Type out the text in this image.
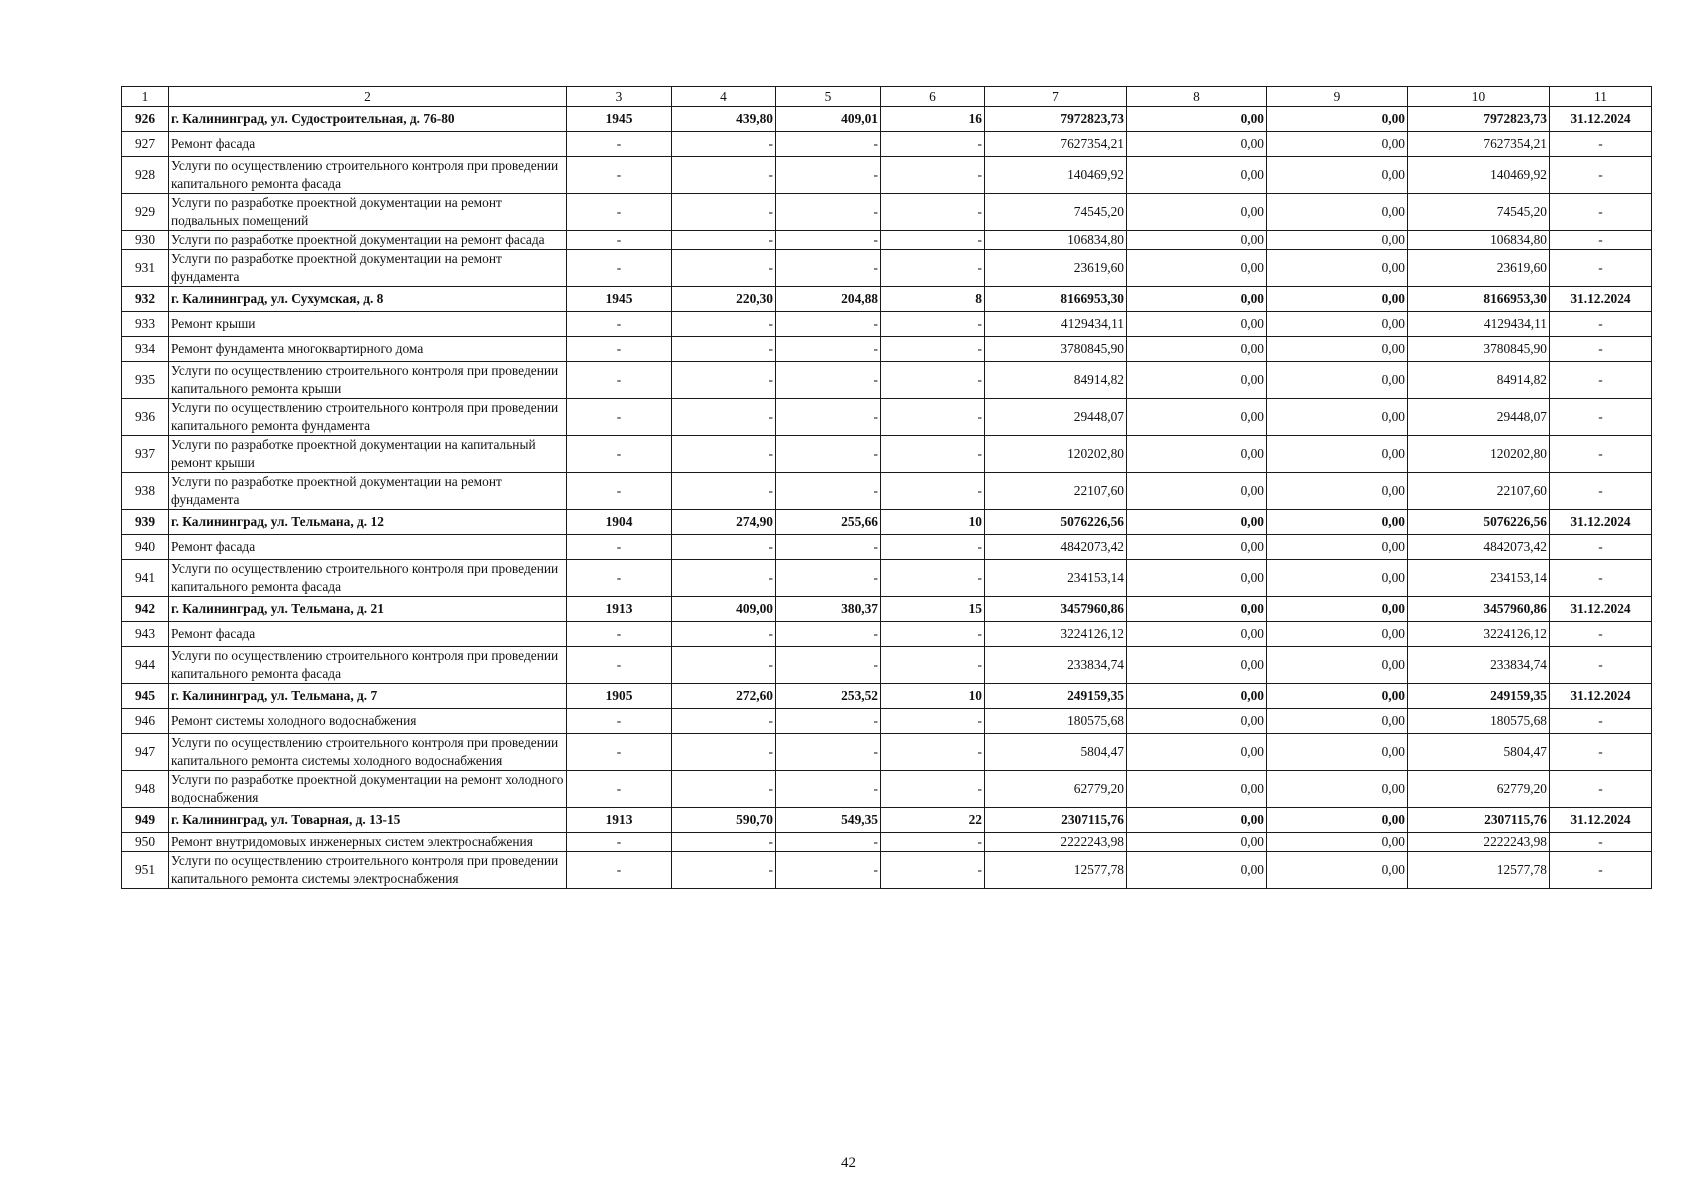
1	2	3	4	5	6	7	8	9	10	11
926	г. Калининград, ул. Судостроительная, д. 76-80	1945	439,80	409,01	16	7972823,73	0,00	0,00	7972823,73	31.12.2024
927	Ремонт фасада	-	-	-	-	7627354,21	0,00	0,00	7627354,21	-
928	Услуги по осуществлению строительного контроля при проведении капитального ремонта фасада	-	-	-	-	140469,92	0,00	0,00	140469,92	-
929	Услуги по разработке проектной документации на ремонт подвальных помещений	-	-	-	-	74545,20	0,00	0,00	74545,20	-
930	Услуги по разработке проектной документации на ремонт фасада	-	-	-	-	106834,80	0,00	0,00	106834,80	-
931	Услуги по разработке проектной документации на ремонт фундамента	-	-	-	-	23619,60	0,00	0,00	23619,60	-
932	г. Калининград, ул. Сухумская, д. 8	1945	220,30	204,88	8	8166953,30	0,00	0,00	8166953,30	31.12.2024
933	Ремонт крыши	-	-	-	-	4129434,11	0,00	0,00	4129434,11	-
934	Ремонт фундамента многоквартирного дома	-	-	-	-	3780845,90	0,00	0,00	3780845,90	-
935	Услуги по осуществлению строительного контроля при проведении капитального ремонта крыши	-	-	-	-	84914,82	0,00	0,00	84914,82	-
936	Услуги по осуществлению строительного контроля при проведении капитального ремонта фундамента	-	-	-	-	29448,07	0,00	0,00	29448,07	-
937	Услуги по разработке проектной документации на капитальный ремонт крыши	-	-	-	-	120202,80	0,00	0,00	120202,80	-
938	Услуги по разработке проектной документации на ремонт фундамента	-	-	-	-	22107,60	0,00	0,00	22107,60	-
939	г. Калининград, ул. Тельмана, д. 12	1904	274,90	255,66	10	5076226,56	0,00	0,00	5076226,56	31.12.2024
940	Ремонт фасада	-	-	-	-	4842073,42	0,00	0,00	4842073,42	-
941	Услуги по осуществлению строительного контроля при проведении капитального ремонта фасада	-	-	-	-	234153,14	0,00	0,00	234153,14	-
942	г. Калининград, ул. Тельмана, д. 21	1913	409,00	380,37	15	3457960,86	0,00	0,00	3457960,86	31.12.2024
943	Ремонт фасада	-	-	-	-	3224126,12	0,00	0,00	3224126,12	-
944	Услуги по осуществлению строительного контроля при проведении капитального ремонта фасада	-	-	-	-	233834,74	0,00	0,00	233834,74	-
945	г. Калининград, ул. Тельмана, д. 7	1905	272,60	253,52	10	249159,35	0,00	0,00	249159,35	31.12.2024
946	Ремонт системы холодного водоснабжения	-	-	-	-	180575,68	0,00	0,00	180575,68	-
947	Услуги по осуществлению строительного контроля при проведении капитального ремонта системы холодного водоснабжения	-	-	-	-	5804,47	0,00	0,00	5804,47	-
948	Услуги по разработке проектной документации на ремонт холодного водоснабжения	-	-	-	-	62779,20	0,00	0,00	62779,20	-
949	г. Калининград, ул. Товарная, д. 13-15	1913	590,70	549,35	22	2307115,76	0,00	0,00	2307115,76	31.12.2024
950	Ремонт внутридомовых инженерных систем электроснабжения	-	-	-	-	2222243,98	0,00	0,00	2222243,98	-
951	Услуги по осуществлению строительного контроля при проведении капитального ремонта системы электроснабжения	-	-	-	-	12577,78	0,00	0,00	12577,78	-
42
